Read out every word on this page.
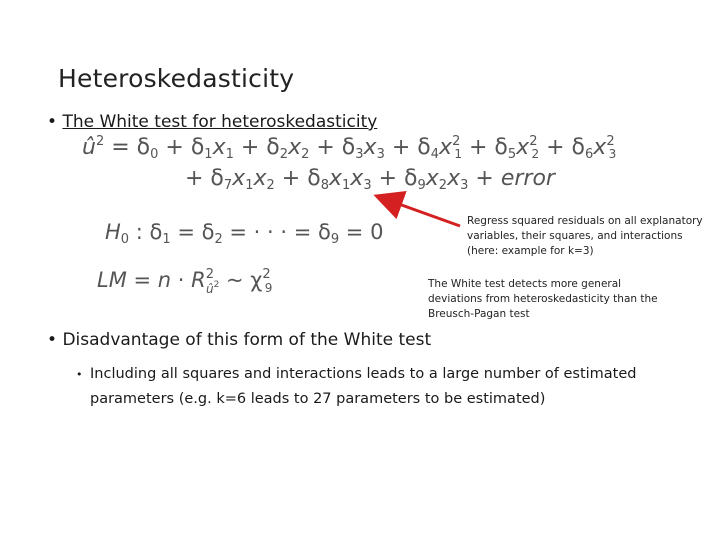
Heteroskedasticity
• The White test for heteroskedasticity
$û^2 = \delta_0 + \delta_1x_1 + \delta_2x_2 + \delta_3x_3 + \delta_4x^21 + \delta_5x^22 + \delta_6x^23$
+ $\delta_7x_1x_2 + \delta_8x_1x_3 + \delta_9x_2x_3$ + error
$H_0$ : $\delta_1 = \delta_2$ = · · · = $\delta_9 = 0$
LM = $n \cdot R^2_{û^2}$ ~ $\chi^2_9$
Regress squared residuals on all explanatory variables, their squares, and interactions (here: example for k=3)
The White test detects more general deviations from heteroskedasticity than the Breusch-Pagan test
• Disadvantage of this form of the White test
• Including all squares and interactions leads to a large number of estimated parameters (e.g. k=6 leads to 27 parameters to be estimated)
